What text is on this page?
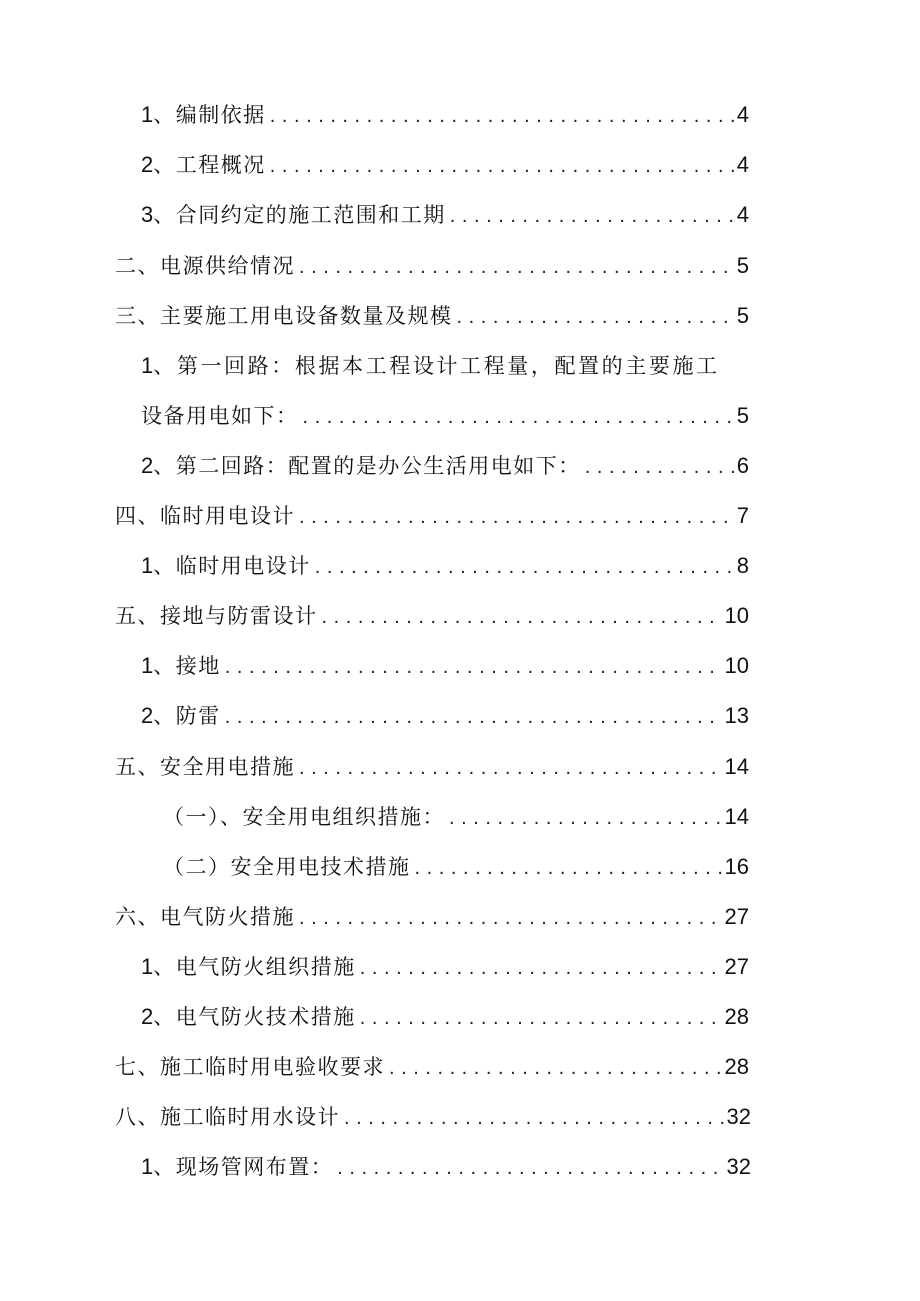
1、编制依据 . . .	4
2、工程概况 . . .	4
3、合同约定的施工范围和工期 . . .	4
二、电源供给情况 . . .	5
三、主要施工用电设备数量及规模 . . .	5
1、第一回路：根据本工程设计工程量，配置的主要施工
设备用电如下： . . .	5
2、第二回路：配置的是办公生活用电如下： . . .	6
四、临时用电设计 . . .	7
1、临时用电设计 . . .	8
五、接地与防雷设计 . . .	10
1、接地 . . .	10
2、防雷 . . .	13
五、安全用电措施 . . .	14
（一）、安全用电组织措施： . . .	14
（二）安全用电技术措施 . . .	16
六、电气防火措施 . . .	27
1、电气防火组织措施 . . .	27
2、电气防火技术措施 . . .	28
七、施工临时用电验收要求 . . .	28
八、施工临时用水设计 . . .	32
1、现场管网布置： . . .	32
